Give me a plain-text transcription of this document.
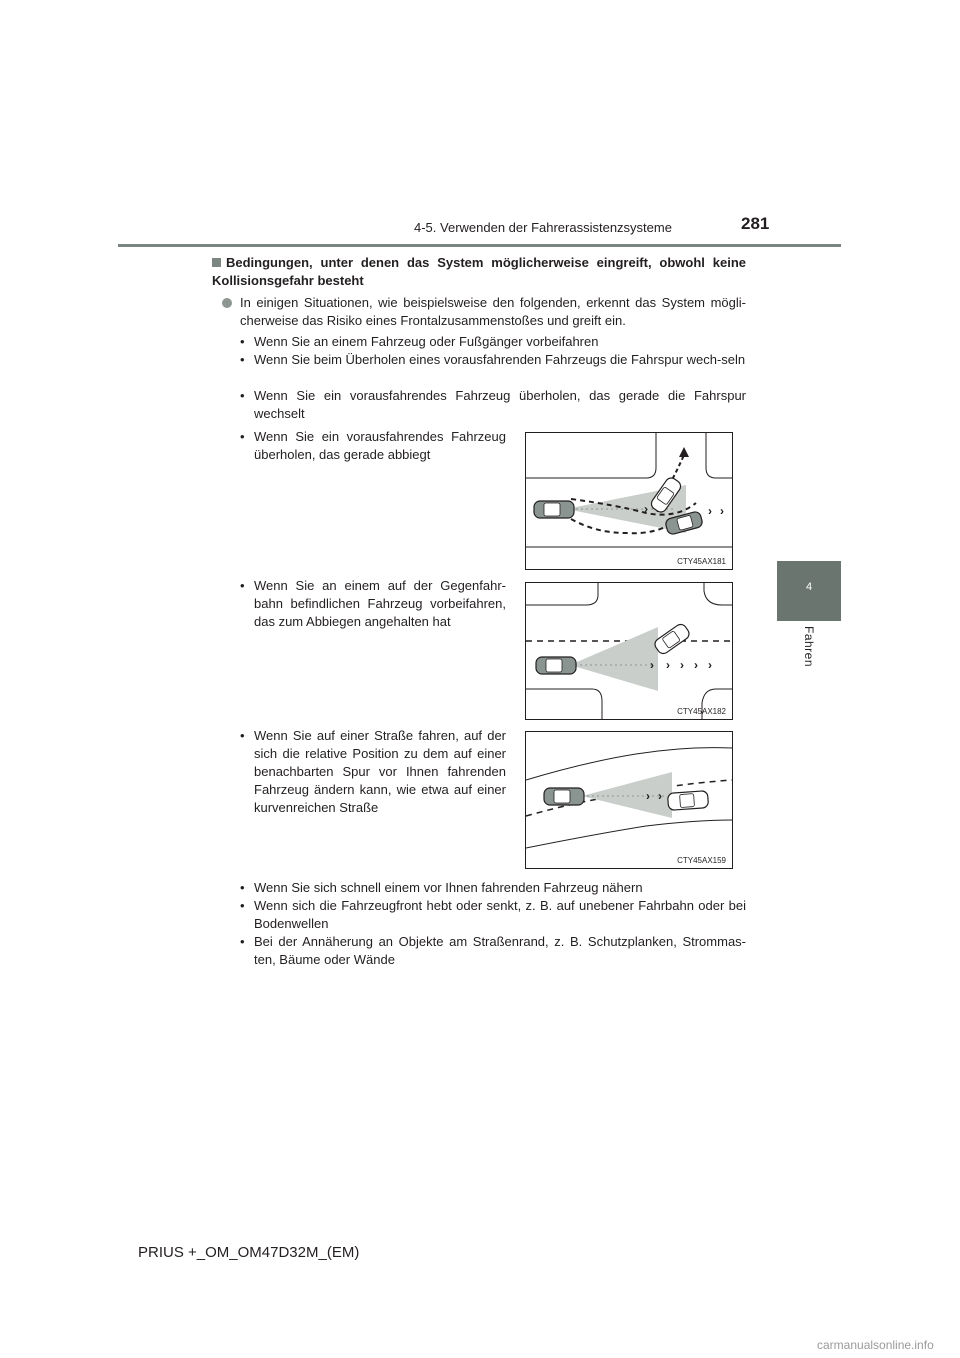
4-5. Verwenden der Fahrerassistenzsysteme	281
4
Fahren
Bedingungen, unter denen das System möglicherweise eingreift, obwohl keine Kollisionsgefahr besteht
In einigen Situationen, wie beispielsweise den folgenden, erkennt das System mögli-cherweise das Risiko eines Frontalzusammenstoßes und greift ein.
• Wenn Sie an einem Fahrzeug oder Fußgänger vorbeifahren
• Wenn Sie beim Überholen eines vorausfahrenden Fahrzeugs die Fahrspur wech-seln
• Wenn Sie ein vorausfahrendes Fahrzeug überholen, das gerade die Fahrspur wechselt
• Wenn Sie ein vorausfahrendes Fahrzeug überholen, das gerade abbiegt
›	› ›
CTY45AX181
• Wenn Sie an einem auf der Gegenfahr-bahn befindlichen Fahrzeug vorbeifahren, das zum Abbiegen angehalten hat
› › › › ›
CTY45AX182
• Wenn Sie auf einer Straße fahren, auf der sich die relative Position zu dem auf einer benachbarten Spur vor Ihnen fahrenden Fahrzeug ändern kann, wie etwa auf einer kurvenreichen Straße
› ›
CTY45AX159
• Wenn Sie sich schnell einem vor Ihnen fahrenden Fahrzeug nähern
• Wenn sich die Fahrzeugfront hebt oder senkt, z. B. auf unebener Fahrbahn oder bei Bodenwellen
• Bei der Annäherung an Objekte am Straßenrand, z. B. Schutzplanken, Strommas-ten, Bäume oder Wände
PRIUS +_OM_OM47D32M_(EM)
carmanualsonline.info
